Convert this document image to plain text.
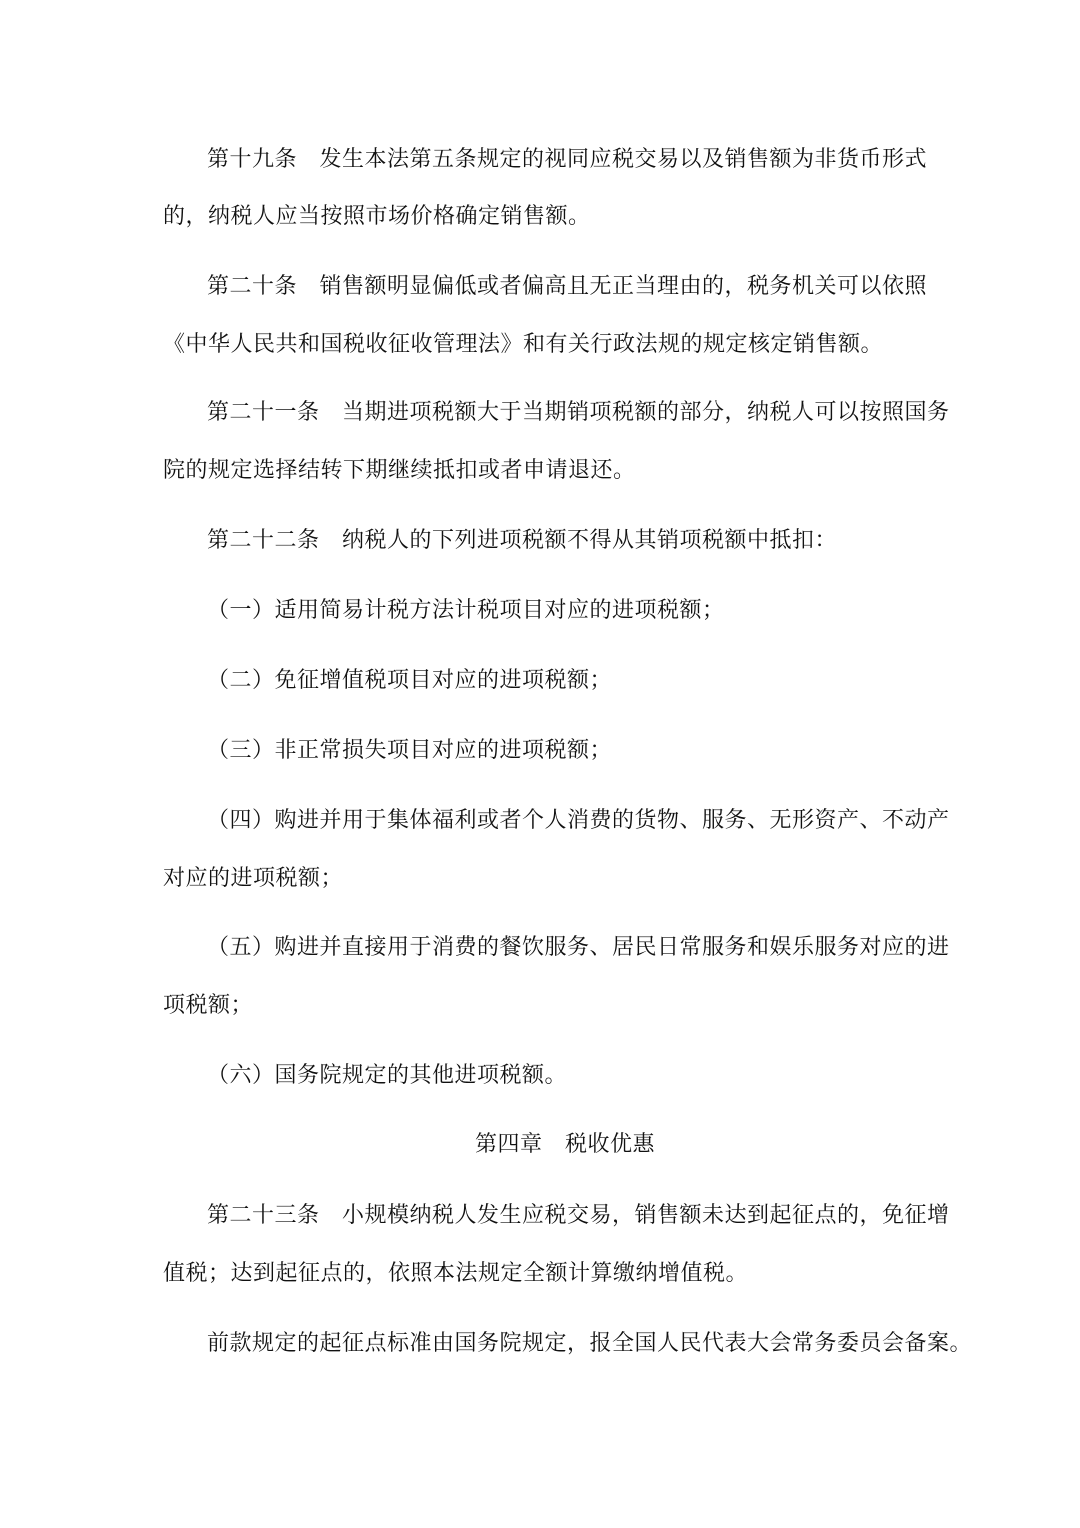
第十九条　发生本法第五条规定的视同应税交易以及销售额为非货币形式
的，纳税人应当按照市场价格确定销售额。
第二十条　销售额明显偏低或者偏高且无正当理由的，税务机关可以依照
《中华人民共和国税收征收管理法》和有关行政法规的规定核定销售额。
第二十一条　当期进项税额大于当期销项税额的部分，纳税人可以按照国务
院的规定选择结转下期继续抵扣或者申请退还。
第二十二条　纳税人的下列进项税额不得从其销项税额中抵扣：
（一）适用简易计税方法计税项目对应的进项税额；
（二）免征增值税项目对应的进项税额；
（三）非正常损失项目对应的进项税额；
（四）购进并用于集体福利或者个人消费的货物、服务、无形资产、不动产
对应的进项税额；
（五）购进并直接用于消费的餐饮服务、居民日常服务和娱乐服务对应的进
项税额；
（六）国务院规定的其他进项税额。
第四章　税收优惠
第二十三条　小规模纳税人发生应税交易，销售额未达到起征点的，免征增
值税；达到起征点的，依照本法规定全额计算缴纳增值税。
前款规定的起征点标准由国务院规定，报全国人民代表大会常务委员会备案。
